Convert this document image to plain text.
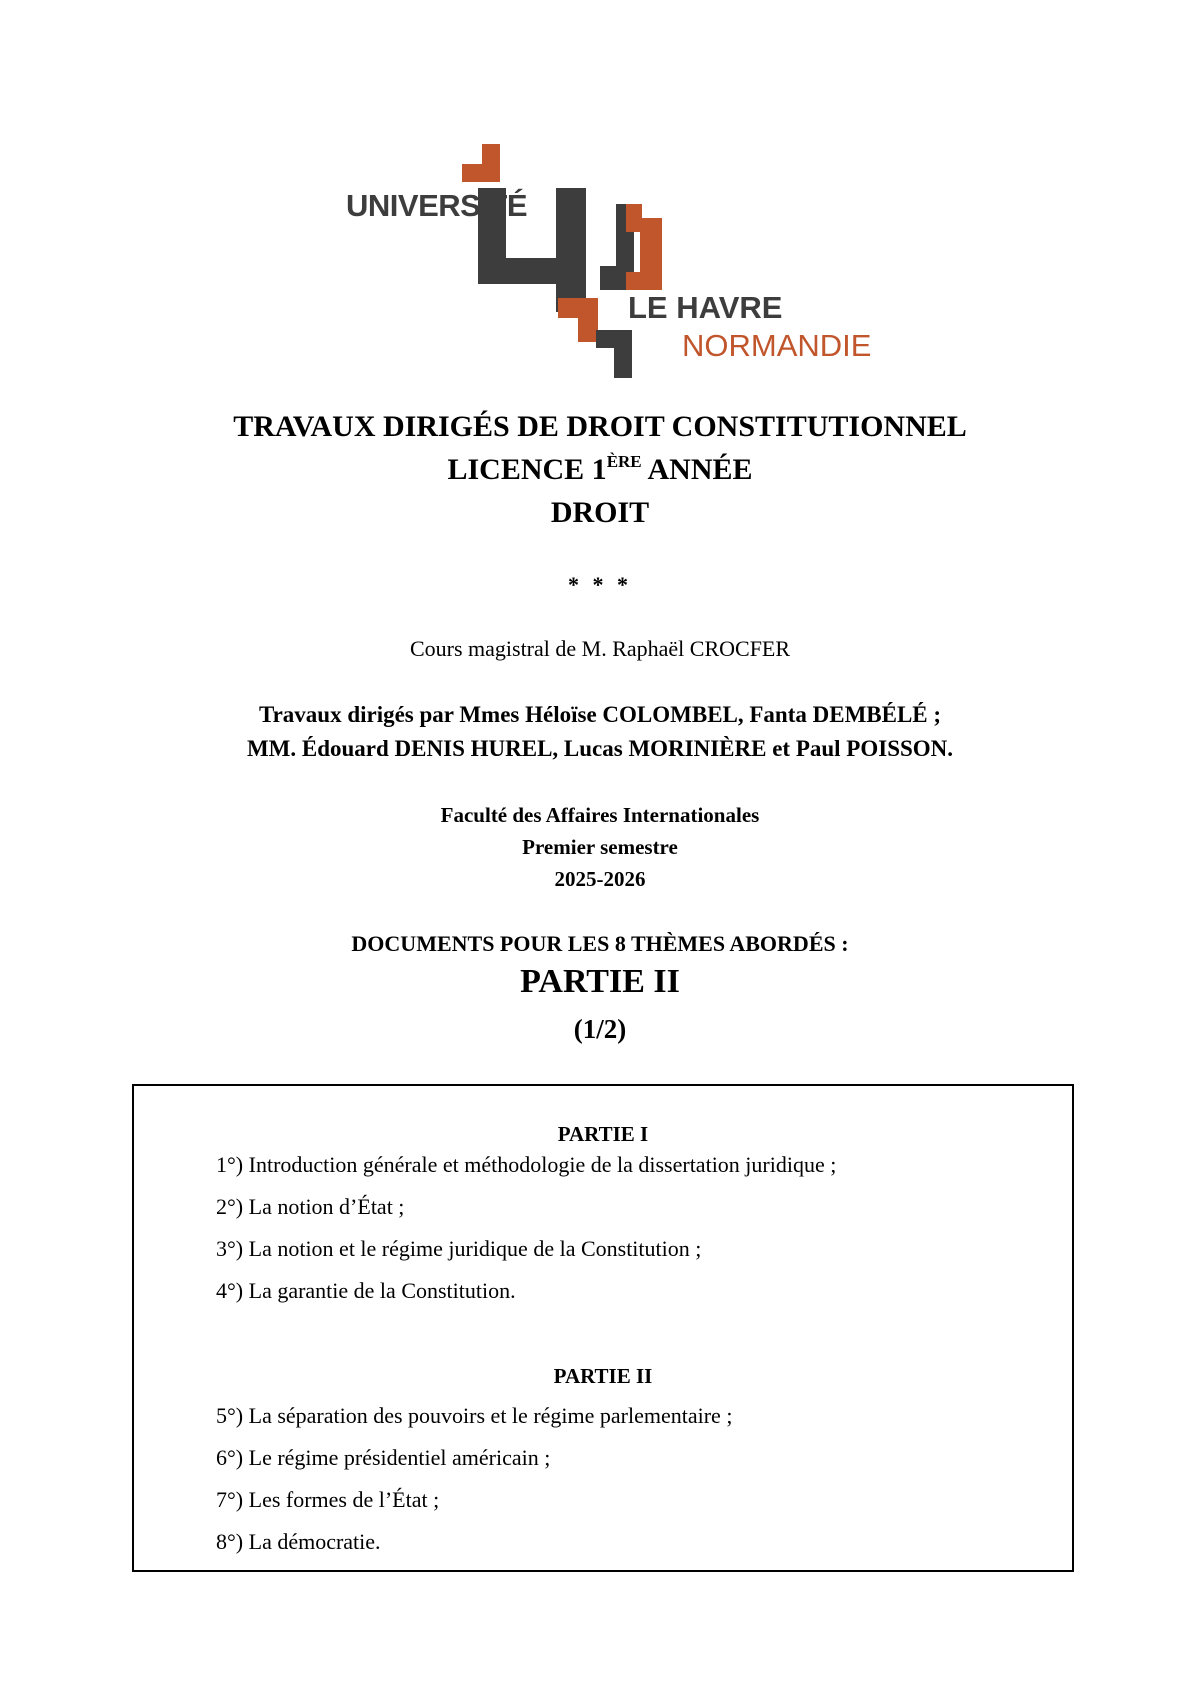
UNIVERSITÉ
LE HAVRE
NORMANDIE
TRAVAUX DIRIGÉS DE DROIT CONSTITUTIONNEL
LICENCE 1ÈRE ANNÉE
DROIT
* * *
Cours magistral de M. Raphaël CROCFER
Travaux dirigés par Mmes Héloïse COLOMBEL, Fanta DEMBÉLÉ ;
MM. Édouard DENIS HUREL, Lucas MORINIÈRE et Paul POISSON.
Faculté des Affaires Internationales
Premier semestre
2025-2026
DOCUMENTS POUR LES 8 THÈMES ABORDÉS :
PARTIE II
(1/2)
PARTIE I
1°) Introduction générale et méthodologie de la dissertation juridique ;
2°) La notion d’État ;
3°) La notion et le régime juridique de la Constitution ;
4°) La garantie de la Constitution.
PARTIE II
5°) La séparation des pouvoirs et le régime parlementaire ;
6°) Le régime présidentiel américain ;
7°) Les formes de l’État ;
8°) La démocratie.
